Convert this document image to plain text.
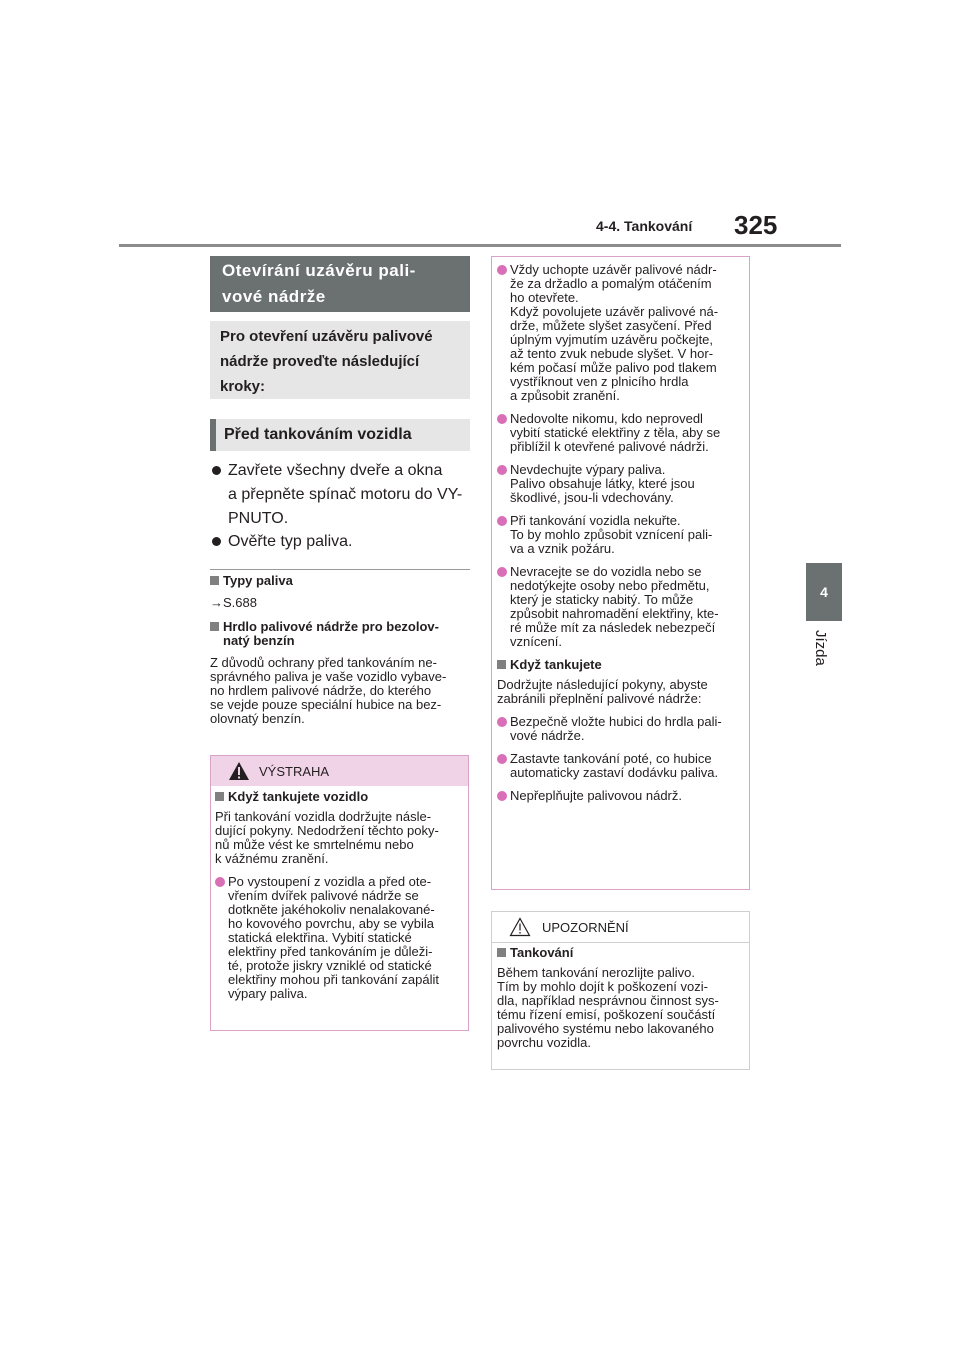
4-4. Tankování 325
4
Jízda
Otevírání uzávěru pali-
vové nádrže
Pro otevření uzávěru palivové
nádrže proveďte následující
kroky:
Před tankováním vozidla
Zavřete všechny dveře a okna
a přepněte spínač motoru do VY-
PNUTO.
Ověřte typ paliva.
Typy paliva
→S.688
Hrdlo palivové nádrže pro bezolov-
natý benzín
Z důvodů ochrany před tankováním ne-
správného paliva je vaše vozidlo vybave-
no hrdlem palivové nádrže, do kterého
se vejde pouze speciální hubice na bez-
olovnatý benzín.
VÝSTRAHA
Když tankujete vozidlo
Při tankování vozidla dodržujte násle-
dující pokyny. Nedodržení těchto poky-
nů může vést ke smrtelnému nebo
k vážnému zranění.
Po vystoupení z vozidla a před ote-
vřením dvířek palivové nádrže se
dotkněte jakéhokoliv nenalakované-
ho kovového povrchu, aby se vybila
statická elektřina. Vybití statické
elektřiny před tankováním je důleži-
té, protože jiskry vzniklé od statické
elektřiny mohou při tankování zapálit
výpary paliva.
Vždy uchopte uzávěr palivové nádr-
že za držadlo a pomalým otáčením
ho otevřete.
Když povolujete uzávěr palivové ná-
drže, můžete slyšet zasyčení. Před
úplným vyjmutím uzávěru počkejte,
až tento zvuk nebude slyšet. V hor-
kém počasí může palivo pod tlakem
vystříknout ven z plnicího hrdla
a způsobit zranění.
Nedovolte nikomu, kdo neprovedl
vybití statické elektřiny z těla, aby se
přiblížil k otevřené palivové nádrži.
Nevdechujte výpary paliva.
Palivo obsahuje látky, které jsou
škodlivé, jsou-li vdechovány.
Při tankování vozidla nekuřte.
To by mohlo způsobit vznícení pali-
va a vznik požáru.
Nevracejte se do vozidla nebo se
nedotýkejte osoby nebo předmětu,
který je staticky nabitý. To může
způsobit nahromadění elektřiny, kte-
ré může mít za následek nebezpečí
vznícení.
Když tankujete
Dodržujte následující pokyny, abyste
zabránili přeplnění palivové nádrže:
Bezpečně vložte hubici do hrdla pali-
vové nádrže.
Zastavte tankování poté, co hubice
automaticky zastaví dodávku paliva.
Nepřeplňujte palivovou nádrž.
UPOZORNĚNÍ
Tankování
Během tankování nerozlijte palivo.
Tím by mohlo dojít k poškození vozi-
dla, například nesprávnou činnost sys-
tému řízení emisí, poškození součástí
palivového systému nebo lakovaného
povrchu vozidla.
